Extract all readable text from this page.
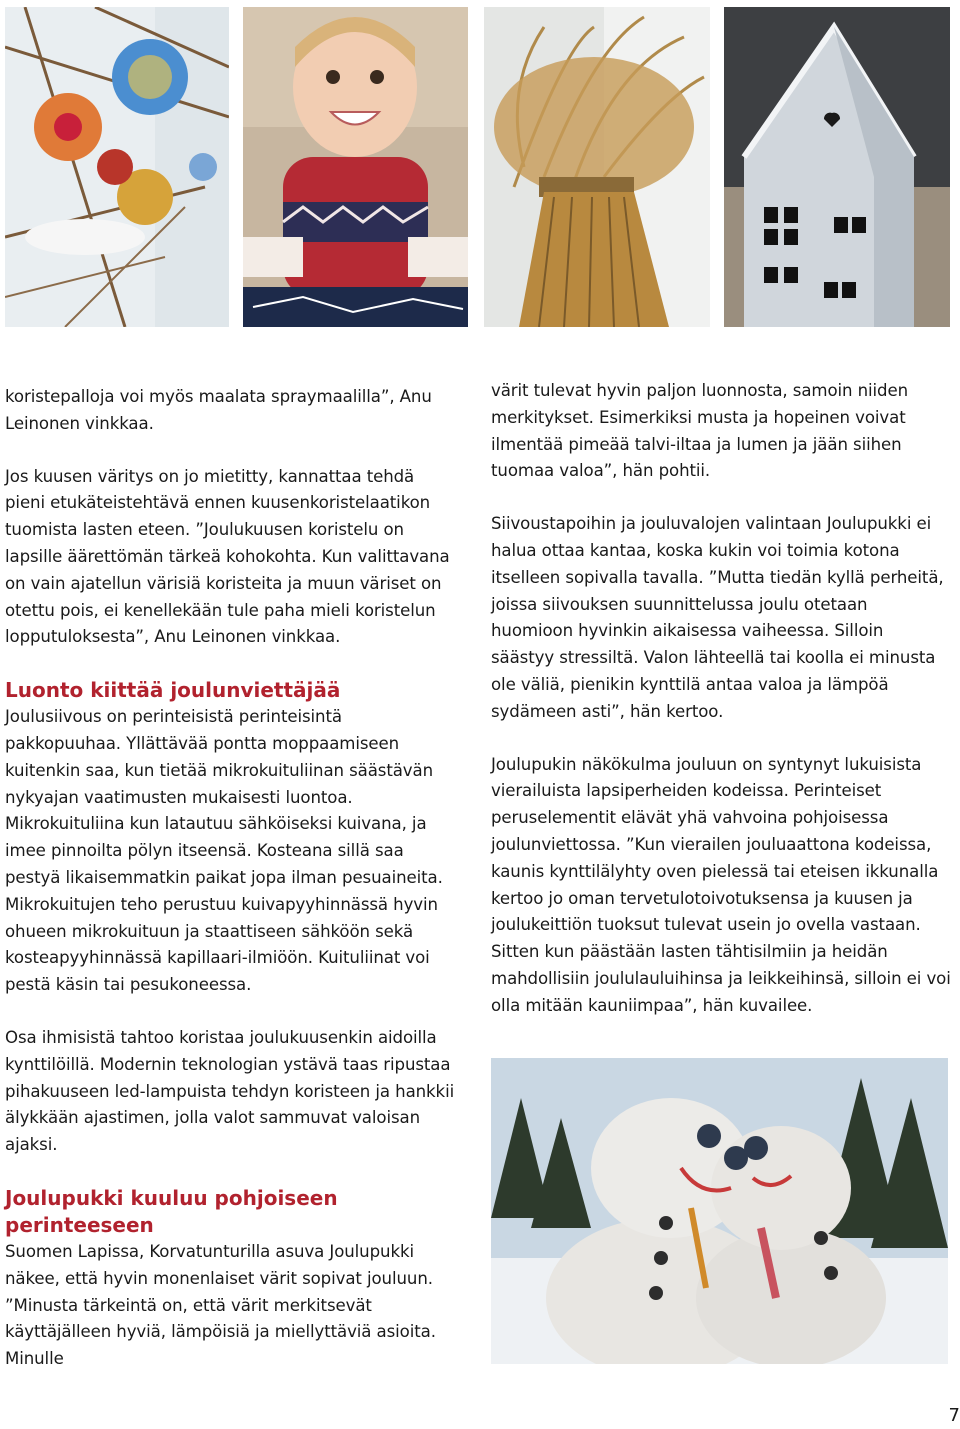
koristepalloja voi myös maalata spraymaalilla”, Anu Leinonen vinkkaa.

Jos kuusen väritys on jo mietitty, kannattaa tehdä pieni etukäteistehtävä ennen kuusenkoristelaatikon tuomista lasten eteen. ”Joulukuusen koristelu on lapsille äärettömän tärkeä kohokohta. Kun valittavana on vain ajatellun värisiä koristeita ja muun väriset on otettu pois, ei kenellekään tule paha mieli koristelun lopputuloksesta”, Anu Leinonen vinkkaa.

Luonto kiittää joulunviettäjää

Joulusiivous on perinteisistä perinteisintä pakkopuuhaa. Yllättävää pontta moppaamiseen kuitenkin saa, kun tietää mikrokuituliinan säästävän nykyajan vaatimusten mukaisesti luontoa. Mikrokuituliina kun latautuu sähköiseksi kuivana, ja imee pinnoilta pölyn itseensä. Kosteana sillä saa pestyä likaisemmatkin paikat jopa ilman pesuaineita. Mikrokuitujen teho perustuu kuivapyyhinnässä hyvin ohueen mikrokuituun ja staattiseen sähköön sekä kosteapyyhinnässä kapillaari-ilmiöön. Kuituliinat voi pestä käsin tai pesukoneessa.

Osa ihmisistä tahtoo koristaa joulukuusenkin aidoilla kynttilöillä. Modernin teknologian ystävä taas ripustaa pihakuuseen led-lampuista tehdyn koristeen ja hankkii älykkään ajastimen, jolla valot sammuvat valoisan ajaksi.

Joulupukki kuuluu pohjoiseen perinteeseen

Suomen Lapissa, Korvatunturilla asuva Joulupukki näkee, että hyvin monenlaiset värit sopivat jouluun. ”Minusta tärkeintä on, että värit merkitsevät käyttäjälleen hyviä, lämpöisiä ja miellyttäviä asioita. Minulle

värit tulevat hyvin paljon luonnosta, samoin niiden merkitykset. Esimerkiksi musta ja hopeinen voivat ilmentää pimeää talvi-iltaa ja lumen ja jään siihen tuomaa valoa”, hän pohtii.

Siivoustapoihin ja jouluvalojen valintaan Joulupukki ei halua ottaa kantaa, koska kukin voi toimia kotona itselleen sopivalla tavalla. ”Mutta tiedän kyllä perheitä, joissa siivouksen suunnittelussa joulu otetaan huomioon hyvinkin aikaisessa vaiheessa. Silloin säästyy stressiltä. Valon lähteellä tai koolla ei minusta ole väliä, pienikin kynttilä antaa valoa ja lämpöä sydämeen asti”, hän kertoo.

Joulupukin näkökulma jouluun on syntynyt lukuisista vierailuista lapsiperheiden kodeissa. Perinteiset peruselementit elävät yhä vahvoina pohjoisessa joulunviettossa. ”Kun vierailen jouluaattona kodeissa, kaunis kynttilälyhty oven pielessä tai eteisen ikkunalla kertoo jo oman tervetulotoivotuksensa ja kuusen ja joulukeittiön tuoksut tulevat usein jo ovella vastaan. Sitten kun päästään lasten tähtisilmiin ja heidän mahdollisiin joululauluihinsa ja leikkeihinsä, silloin ei voi olla mitään kauniimpaa”, hän kuvailee.

7
